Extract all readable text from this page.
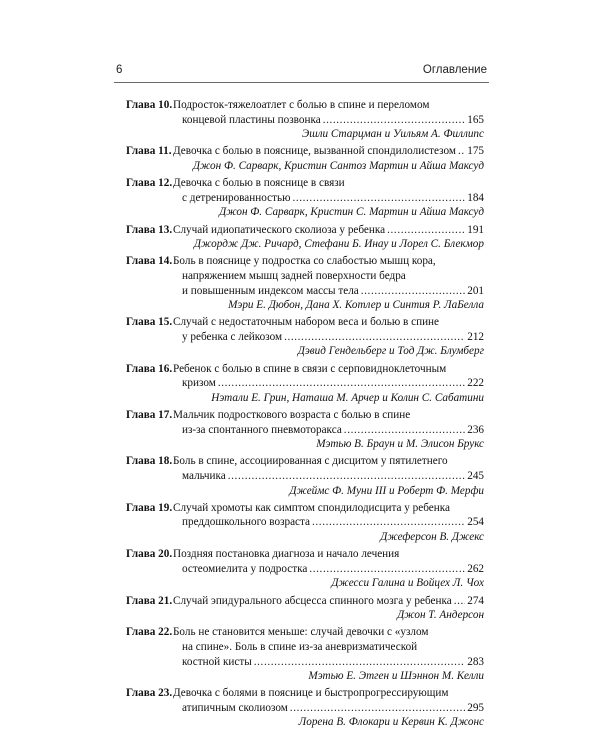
6	Оглавление
Глава 10. Подросток-тяжелоатлет с болью в спине и переломом
концевой пластины позвонка .....	165
Эшли Старцман и Уильям А. Филлипс
Глава 11. Девочка с болью в пояснице, вызванной спондилолистезом ..... 175
Джон Ф. Сарварк, Кристин Сантоз Мартин и Айша Максуд
Глава 12. Девочка с болью в пояснице в связи
с детренированностью .....	184
Джон Ф. Сарварк, Кристин С. Мартин и Айша Максуд
Глава 13. Случай идиопатического сколиоза у ребенка .....	191
Джордж Дж. Ричард, Стефани Б. Инау и Лорел С. Блекмор
Глава 14. Боль в пояснице у подростка со слабостью мышц кора,
напряжением мышц задней поверхности бедра
и повышенным индексом массы тела .....	201
Мэри Е. Дюбон, Дана Х. Котлер и Синтия Р. ЛаБелла
Глава 15. Случай с недостаточным набором веса и болью в спине
у ребенка с лейкозом .....	212
Дэвид Гендельберг и Тод Дж. Блумберг
Глава 16. Ребенок с болью в спине в связи с серповидноклеточным
кризом .....	222
Нэтали Е. Грин, Наташа М. Арчер и Колин С. Сабатини
Глава 17. Мальчик подросткового возраста с болью в спине
из-за спонтанного пневмоторакса .....	236
Мэтью В. Браун и М. Элисон Брукс
Глава 18. Боль в спине, ассоциированная с дисцитом у пятилетнего
мальчика .....	245
Джеймс Ф. Муни III и Роберт Ф. Мерфи
Глава 19. Случай хромоты как симптом спондилодисцита у ребенка
преддошкольного возраста .....	254
Джеферсон В. Джекс
Глава 20. Поздняя постановка диагноза и начало лечения
остеомиелита у подростка .....	262
Джесси Галина и Войцех Л. Чох
Глава 21. Случай эпидурального абсцесса спинного мозга у ребенка ..... 274
Джон Т. Андерсон
Глава 22. Боль не становится меньше: случай девочки с «узлом
на спине». Боль в спине из-за аневризматической
костной кисты .....	283
Мэтью Е. Этген и Шэннон М. Келли
Глава 23. Девочка с болями в пояснице и быстропрогрессирующим
атипичным сколиозом .....	295
Лорена В. Флокари и Кервин К. Джонс
